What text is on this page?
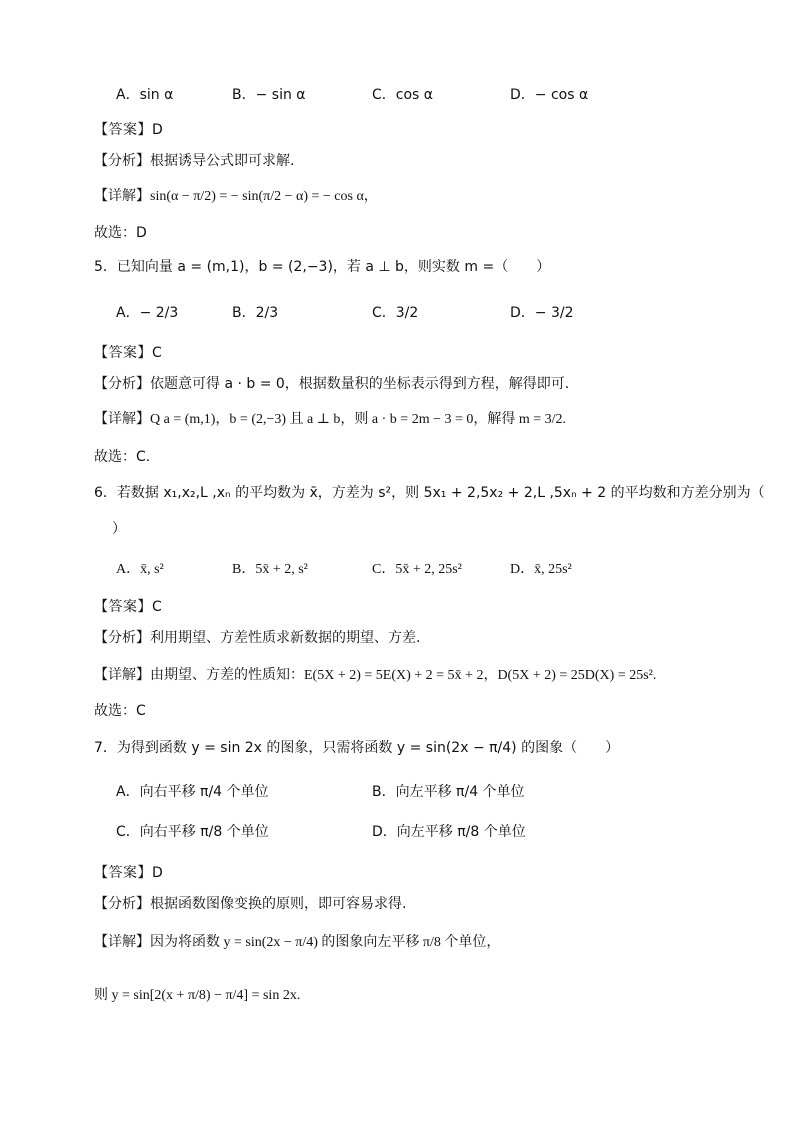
A．sin α	B．− sin α	C．cos α	D．− cos α
【答案】D
【分析】根据诱导公式即可求解.
【详解】sin(α − π/2) = − sin(π/2 − α) = − cos α，
故选：D
5．已知向量 a = (m,1)，b = (2,−3)，若 a ⊥ b，则实数 m =（　　）
A．− 2/3	B．2/3	C．3/2	D．− 3/2
【答案】C
【分析】依题意可得 a · b = 0，根据数量积的坐标表示得到方程，解得即可.
【详解】Q a = (m,1)，b = (2,−3) 且 a ⊥ b，则 a · b = 2m − 3 = 0，解得 m = 3/2.
故选：C.
6．若数据 x₁,x₂,L ,xₙ 的平均数为 x̄，方差为 s²，则 5x₁ + 2,5x₂ + 2,L ,5xₙ + 2 的平均数和方差分别为（
）
A．x̄, s²	B．5x̄ + 2, s²	C．5x̄ + 2, 25s²	D．x̄, 25s²
【答案】C
【分析】利用期望、方差性质求新数据的期望、方差.
【详解】由期望、方差的性质知：E(5X + 2) = 5E(X) + 2 = 5x̄ + 2，D(5X + 2) = 25D(X) = 25s².
故选：C
7．为得到函数 y = sin 2x 的图象，只需将函数 y = sin(2x − π/4) 的图象（　　）
A．向右平移 π/4 个单位	B．向左平移 π/4 个单位
C．向右平移 π/8 个单位	D．向左平移 π/8 个单位
【答案】D
【分析】根据函数图像变换的原则，即可容易求得.
【详解】因为将函数 y = sin(2x − π/4) 的图象向左平移 π/8 个单位，
则 y = sin[2(x + π/8) − π/4] = sin 2x.
